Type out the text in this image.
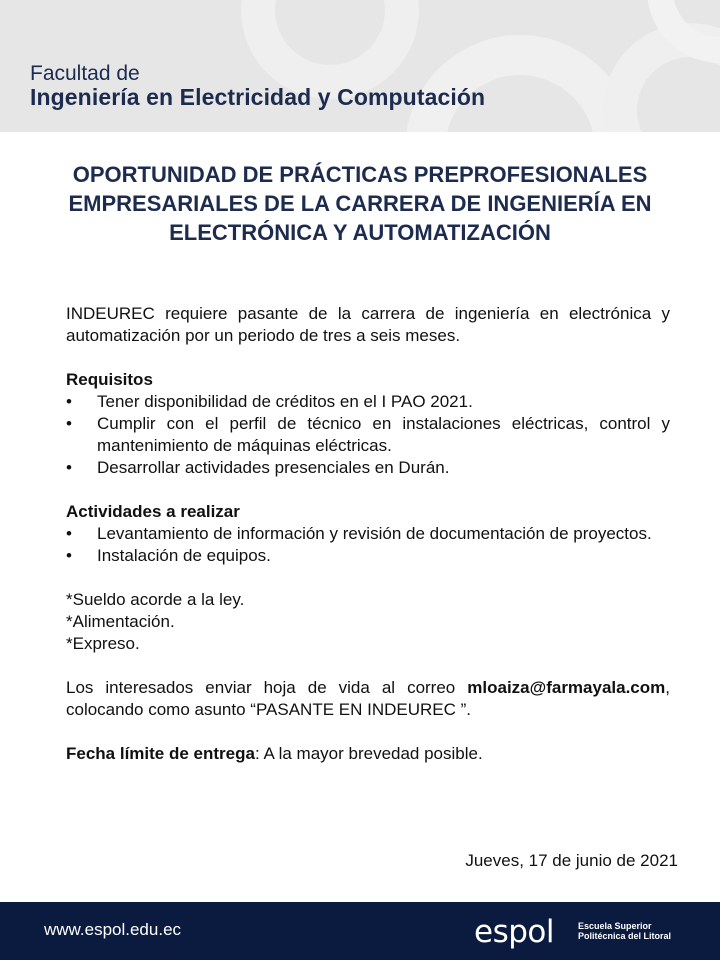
Facultad de
Ingeniería en Electricidad y Computación
OPORTUNIDAD DE PRÁCTICAS PREPROFESIONALES
EMPRESARIALES DE LA CARRERA DE INGENIERÍA EN
ELECTRÓNICA Y AUTOMATIZACIÓN
INDEUREC requiere pasante de la carrera de ingeniería en electrónica y automatización por un periodo de tres a seis meses.
Requisitos
• Tener disponibilidad de créditos en el I PAO 2021.
• Cumplir con el perfil de técnico en instalaciones eléctricas, control y mantenimiento de máquinas eléctricas.
• Desarrollar actividades presenciales en Durán.
Actividades a realizar
• Levantamiento de información y revisión de documentación de proyectos.
• Instalación de equipos.
*Sueldo acorde a la ley.
*Alimentación.
*Expreso.
Los interesados enviar hoja de vida al correo mloaiza@farmayala.com, colocando como asunto “PASANTE EN INDEUREC ”.
Fecha límite de entrega: A la mayor brevedad posible.
Jueves, 17 de junio de 2021
www.espol.edu.ec	espol	Escuela Superior
Politécnica del Litoral
